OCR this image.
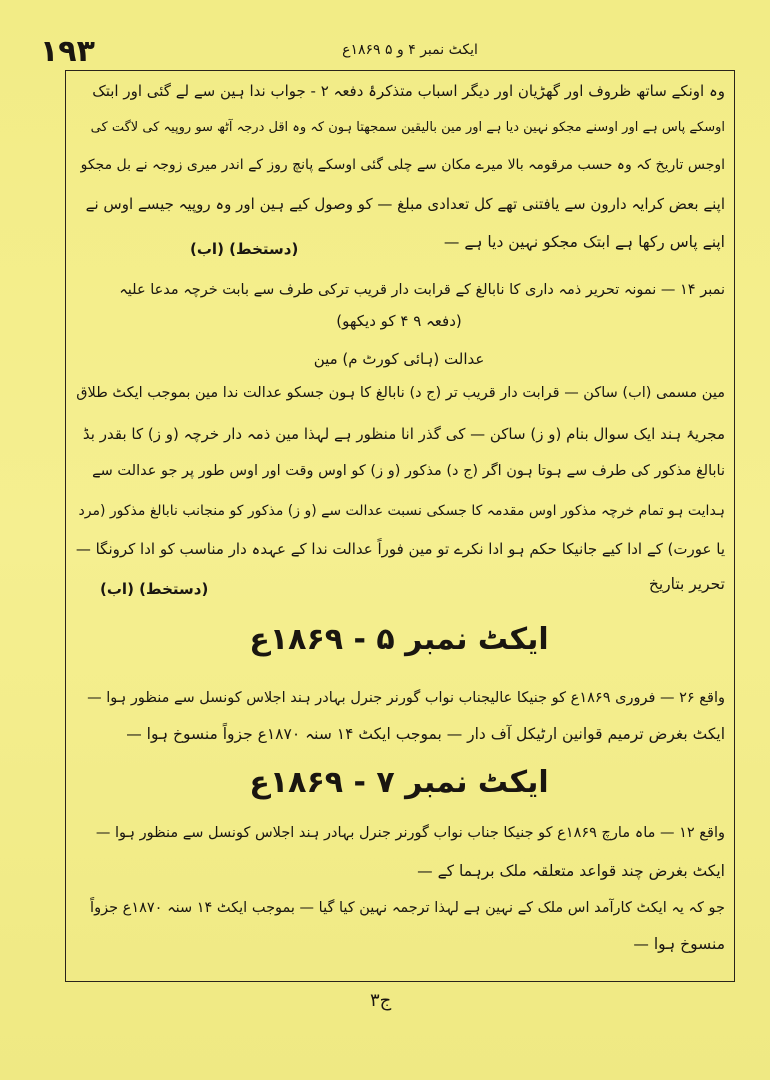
١٩٣	ایکٹ نمبر ۴ و ۵ ۱۸۶۹ع
وہ اونکے ساتھ ظروف اور گھڑیان اور دیگر اسباب متذکرۂ دفعہ ۲ - جواب ندا ہین سے لے گئی اور ابتک
اوسکے پاس ہے اور اوسنے مجکو نہین دیا ہے اور مین بالیقین سمجھتا ہون کہ وہ اقل درجہ آٹھ سو روپیہ کی لاگت کی
اوجس تاریخ کہ وہ حسب مرقومہ بالا میرے مکان سے چلی گئی اوسکے پانچ روز کے اندر میری زوجہ نے بل مجکو
اپنے بعض کرایہ دارون سے یافتنی تھے کل تعدادی مبلغ — کو وصول کیے ہین اور وہ روپیہ جیسے اوس نے
اپنے پاس رکھا ہے ابتک مجکو نہین دیا ہے —
(دستخط) (اب)
نمبر ۱۴ — نمونہ تحریر ذمہ داری کا نابالغ کے قرابت دار قریب ترکی طرف سے بابت خرچہ مدعا علیہ
(دفعہ ۹ ۴ کو دیکھو)
عدالت (ہائی کورٹ م) مین
مین مسمی (اب) ساکن — قرابت دار قریب تر (ج د) نابالغ کا ہون جسکو عدالت ندا مین بموجب ایکٹ طلاق
مجریۂ ہند ایک سوال بنام (و ز) ساکن — کی گذر انا منظور ہے لہذا مین ذمہ دار خرچہ (و ز) کا بقدر بڈ
نابالغ مذکور کی طرف سے ہوتا ہون اگر (ج د) مذکور (و ز) کو اوس وقت اور اوس طور پر جو عدالت سے
ہدایت ہو تمام خرچہ مذکور اوس مقدمہ کا جسکی نسبت عدالت سے (و ز) مذکور کو منجانب نابالغ مذکور (مرد
یا عورت) کے ادا کیے جانیکا حکم ہو ادا نکرے تو مین فوراً عدالت ندا کے عہدہ دار مناسب کو ادا کرونگا —
تحریر بتاریخ
(دستخط) (اب)
ایکٹ نمبر ۵ - ۱۸۶۹ع
واقع ۲۶ — فروری ۱۸۶۹ع کو جنیکا عالیجناب نواب گورنر جنرل بہادر ہند اجلاس کونسل سے منظور ہوا —
ایکٹ بغرض ترمیم قوانین ارٹیکل آف دار — بموجب ایکٹ ۱۴ سنہ ۱۸۷۰ع جزواً منسوخ ہوا —
ایکٹ نمبر ۷ - ۱۸۶۹ع
واقع ۱۲ — ماہ مارچ ۱۸۶۹ع کو جنیکا جناب نواب گورنر جنرل بہادر ہند اجلاس کونسل سے منظور ہوا —
ایکٹ بغرض چند قواعد متعلقہ ملک برہما کے —
جو کہ یہ ایکٹ کارآمد اس ملک کے نہین ہے لہذا ترجمہ نہین کیا گیا — بموجب ایکٹ ۱۴ سنہ ۱۸۷۰ع جزواً
منسوخ ہوا —
ج۳
